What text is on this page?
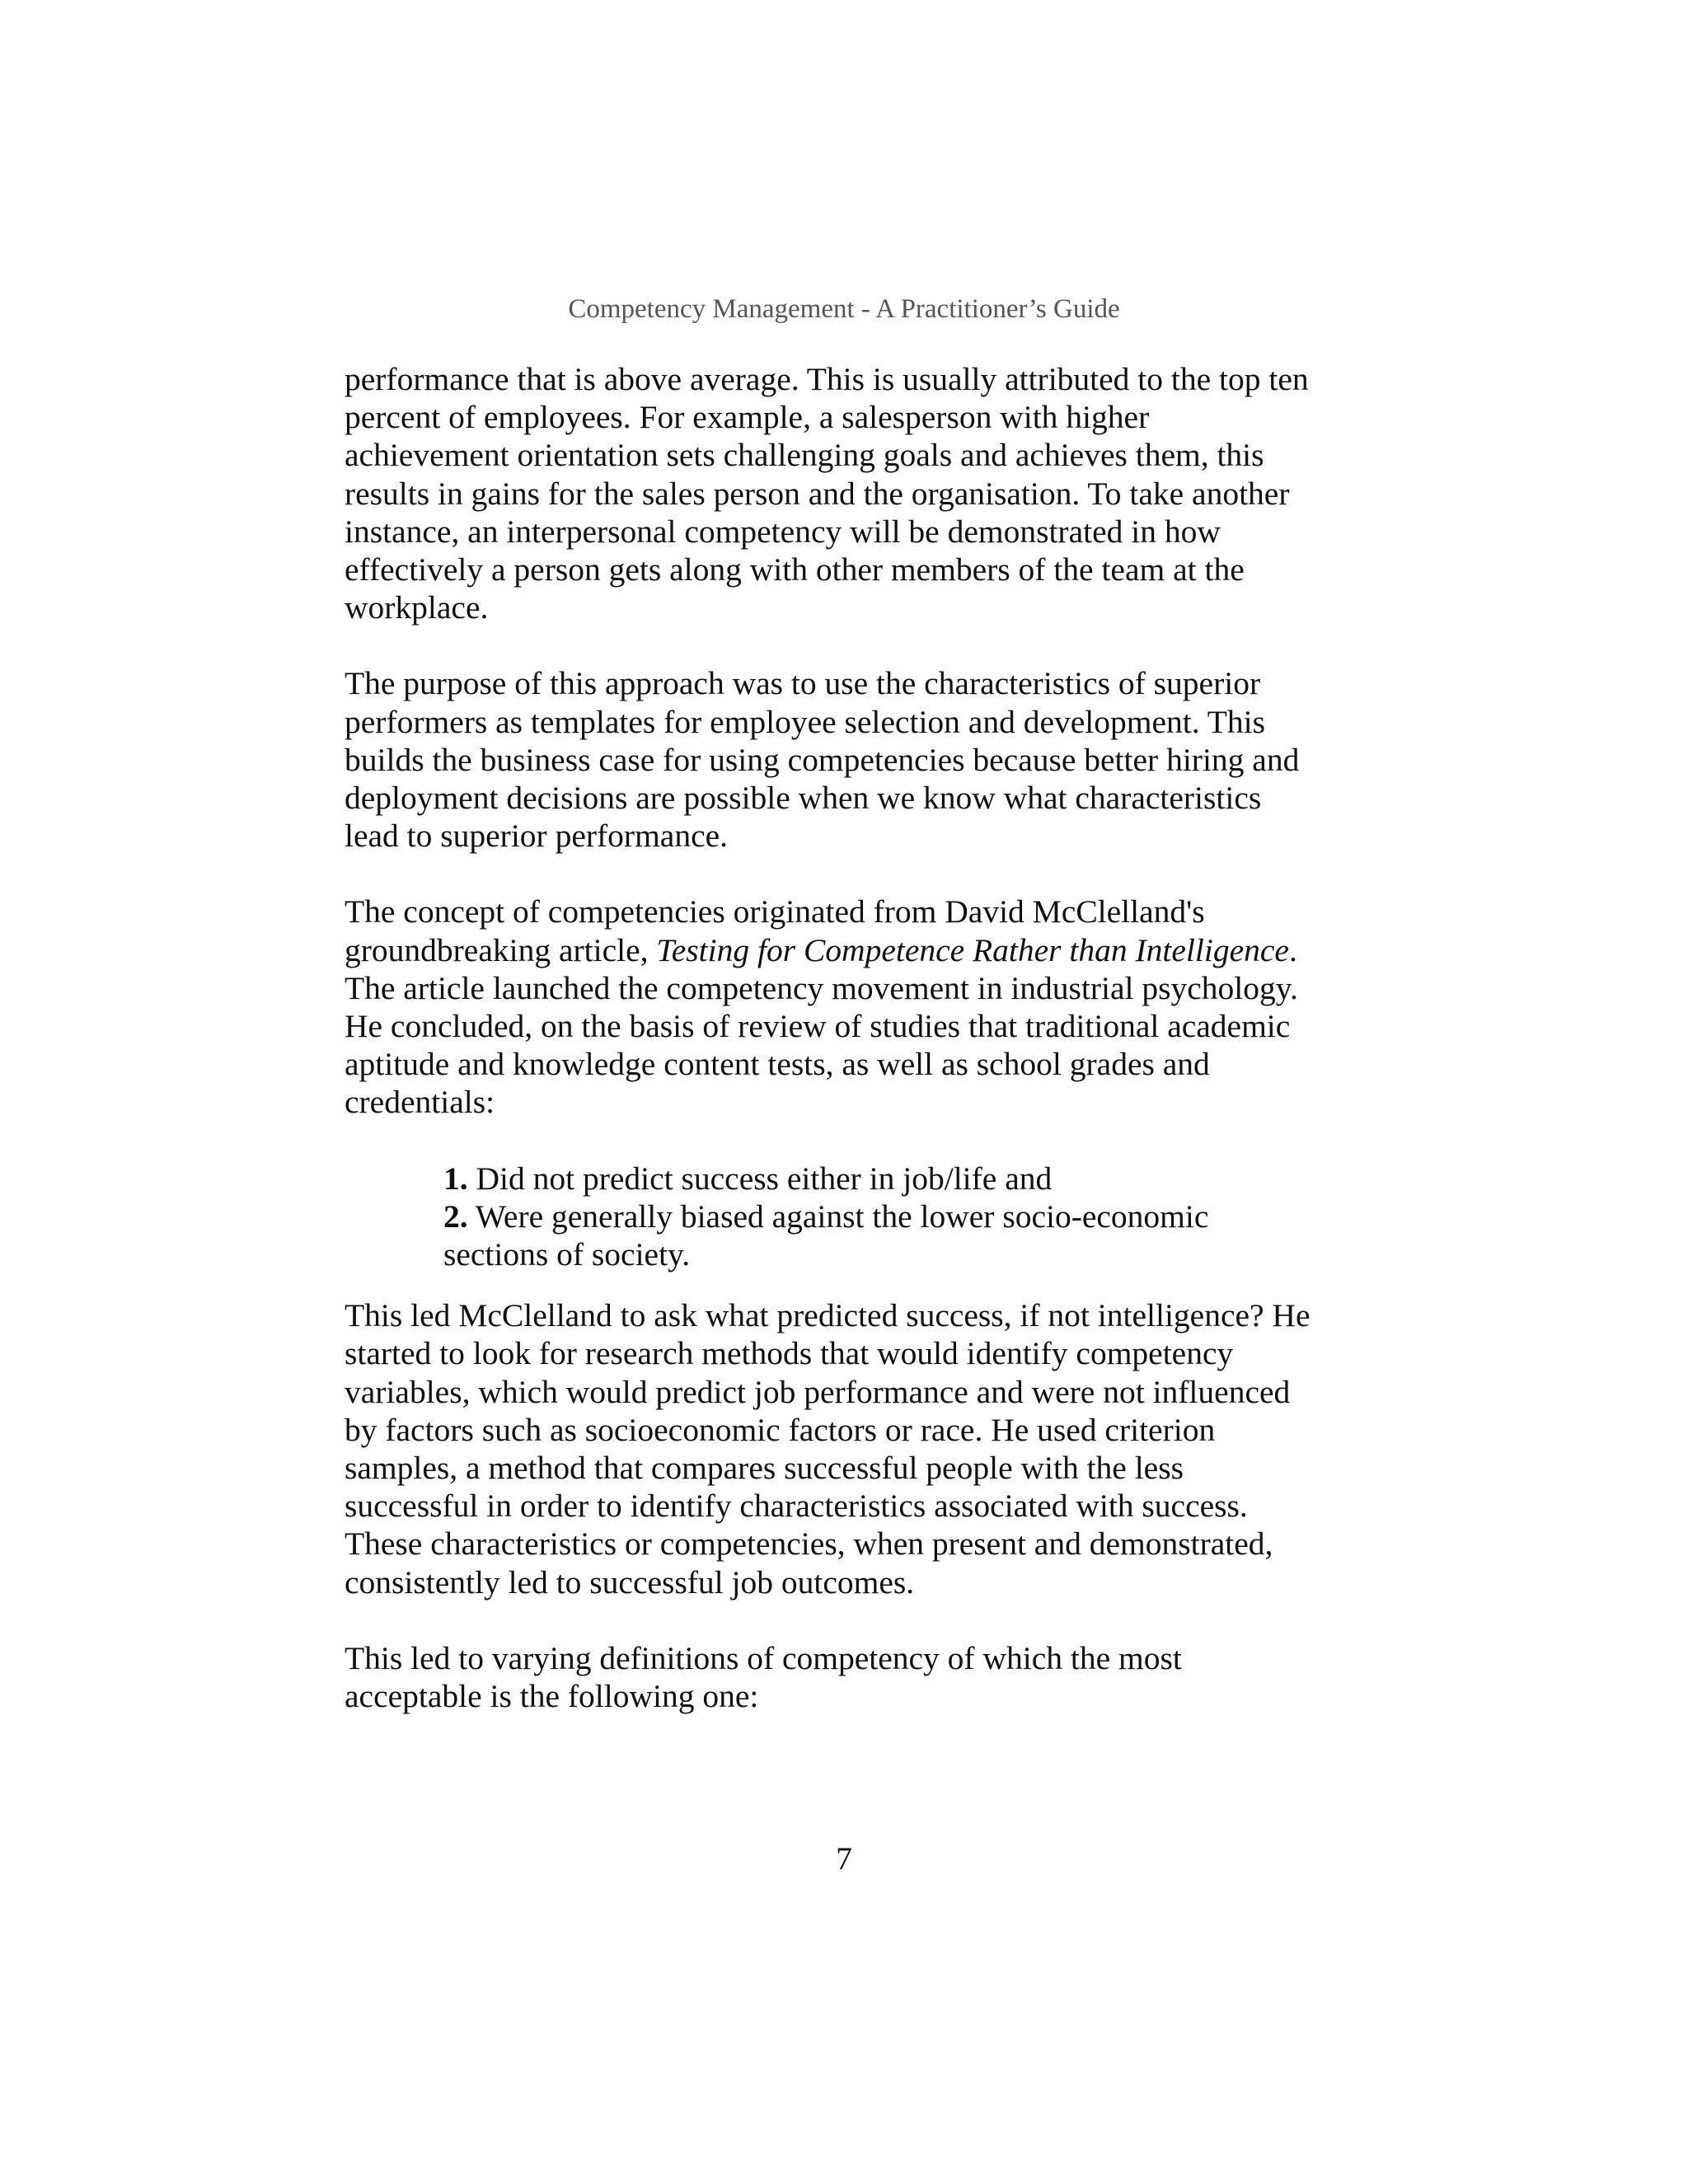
Competency Management - A Practitioner’s Guide

performance that is above average. This is usually attributed to the top ten
percent of employees. For example, a salesperson with higher
achievement orientation sets challenging goals and achieves them, this
results in gains for the sales person and the organisation. To take another
instance, an interpersonal competency will be demonstrated in how
effectively a person gets along with other members of the team at the
workplace.

The purpose of this approach was to use the characteristics of superior
performers as templates for employee selection and development. This
builds the business case for using competencies because better hiring and
deployment decisions are possible when we know what characteristics
lead to superior performance.

The concept of competencies originated from David McClelland's
groundbreaking article, Testing for Competence Rather than Intelligence.
The article launched the competency movement in industrial psychology.
He concluded, on the basis of review of studies that traditional academic
aptitude and knowledge content tests, as well as school grades and
credentials:

1. Did not predict success either in job/life and
2. Were generally biased against the lower socio-economic
sections of society.

This led McClelland to ask what predicted success, if not intelligence? He
started to look for research methods that would identify competency
variables, which would predict job performance and were not influenced
by factors such as socioeconomic factors or race. He used criterion
samples, a method that compares successful people with the less
successful in order to identify characteristics associated with success.
These characteristics or competencies, when present and demonstrated,
consistently led to successful job outcomes.

This led to varying definitions of competency of which the most
acceptable is the following one:

7
